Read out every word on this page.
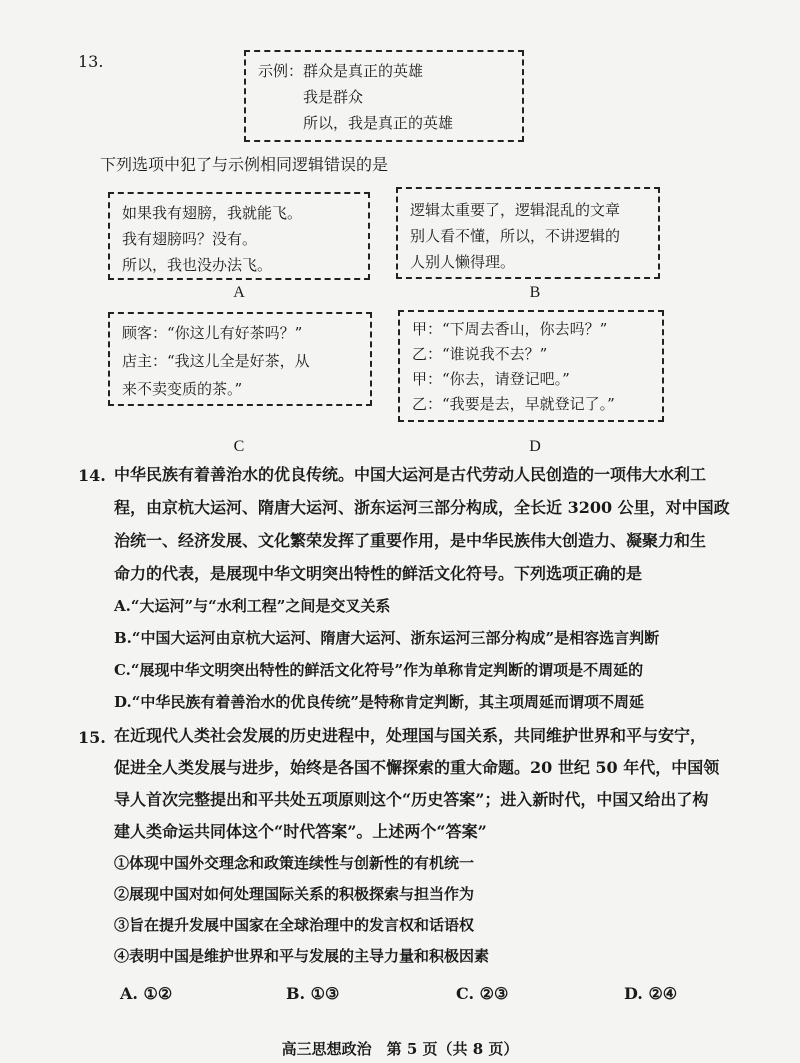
13.	示例：群众是真正的英雄
我是群众
所以，我是真正的英雄
下列选项中犯了与示例相同逻辑错误的是
如果我有翅膀，我就能飞。
我有翅膀吗？没有。
所以，我也没办法飞。
A
逻辑太重要了，逻辑混乱的文章
别人看不懂，所以，不讲逻辑的
人别人懒得理。
B
顾客：“你这儿有好茶吗？”
店主：“我这儿全是好茶，从
来不卖变质的茶。”
C
甲：“下周去香山，你去吗？”
乙：“谁说我不去？”
甲：“你去，请登记吧。”
乙：“我要是去，早就登记了。”
D
14. 中华民族有着善治水的优良传统。中国大运河是古代劳动人民创造的一项伟大水利工
程，由京杭大运河、隋唐大运河、浙东运河三部分构成，全长近 3200 公里，对中国政
治统一、经济发展、文化繁荣发挥了重要作用，是中华民族伟大创造力、凝聚力和生
命力的代表，是展现中华文明突出特性的鲜活文化符号。下列选项正确的是
A.“大运河”与“水利工程”之间是交叉关系
B.“中国大运河由京杭大运河、隋唐大运河、浙东运河三部分构成”是相容选言判断
C.“展现中华文明突出特性的鲜活文化符号”作为单称肯定判断的谓项是不周延的
D.“中华民族有着善治水的优良传统”是特称肯定判断，其主项周延而谓项不周延
15. 在近现代人类社会发展的历史进程中，处理国与国关系，共同维护世界和平与安宁，
促进全人类发展与进步，始终是各国不懈探索的重大命题。20 世纪 50 年代，中国领
导人首次完整提出和平共处五项原则这个“历史答案”；进入新时代，中国又给出了构
建人类命运共同体这个“时代答案”。上述两个“答案”
①体现中国外交理念和政策连续性与创新性的有机统一
②展现中国对如何处理国际关系的积极探索与担当作为
③旨在提升发展中国家在全球治理中的发言权和话语权
④表明中国是维护世界和平与发展的主导力量和积极因素
A. ①②	B. ①③	C. ②③	D. ②④
高三思想政治　第 5 页（共 8 页）
